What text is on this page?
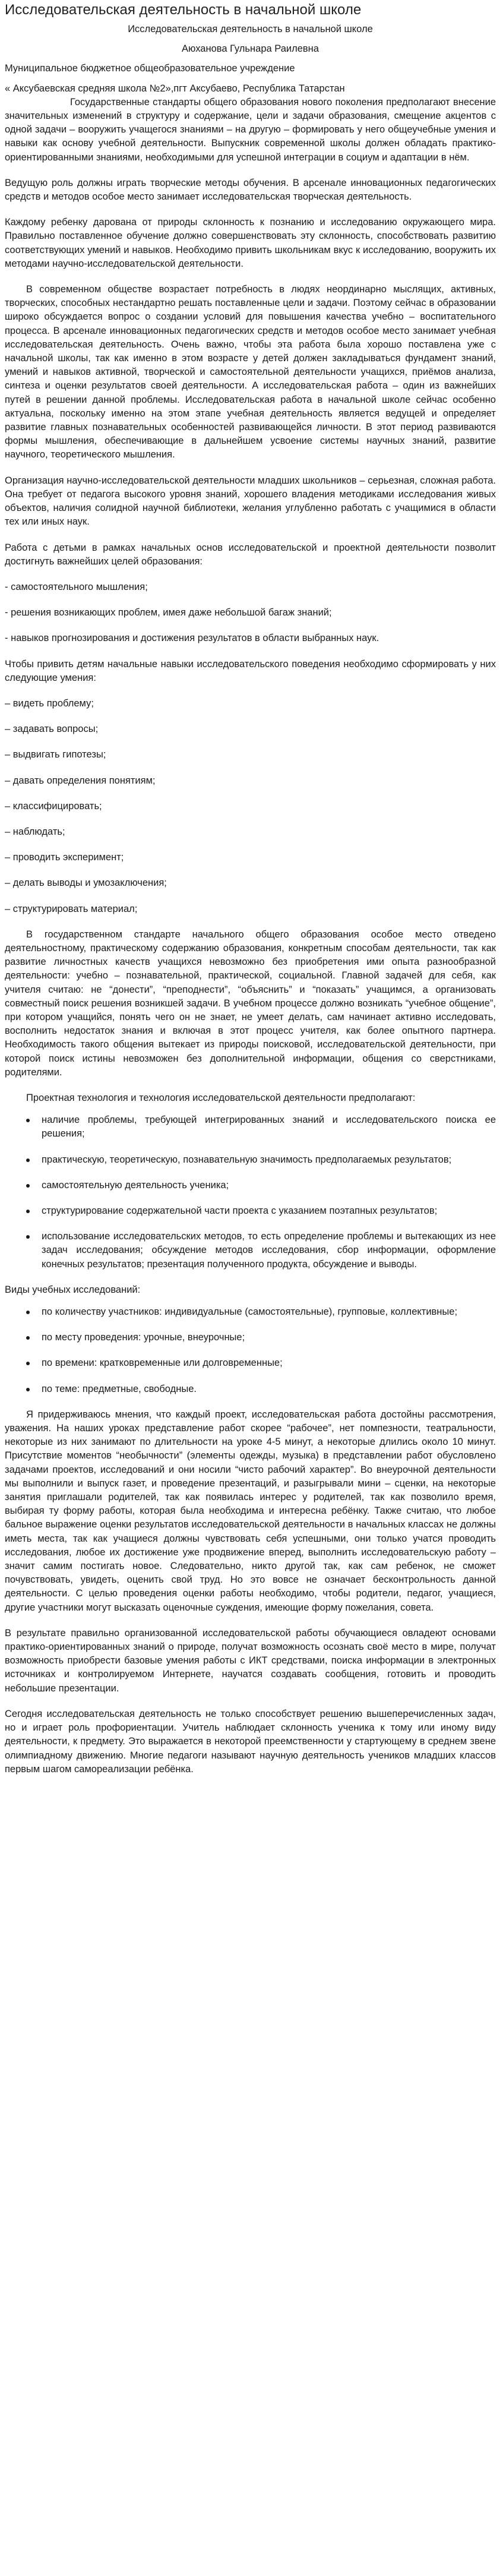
Исследовательская деятельность в начальной школе

Исследовательская деятельность в начальной школе

Аюханова Гульнара Раилевна

Муниципальное бюджетное общеобразовательное учреждение

« Аксубаевская средняя школа №2»,пгт Аксубаево, Республика Татарстан

Государственные стандарты общего образования нового поколения предполагают внесение значительных изменений в структуру и содержание, цели и задачи образования, смещение акцентов с одной задачи – вооружить учащегося знаниями – на другую – формировать у него общеучебные умения и навыки как основу учебной деятельности. Выпускник современной школы должен обладать практико-ориентированными знаниями, необходимыми для успешной интеграции в социум и адаптации в нём.

Ведущую роль должны играть творческие методы обучения. В арсенале инновационных педагогических средств и методов особое место занимает исследовательская творческая деятельность.

Каждому ребенку дарована от природы склонность к познанию и исследованию окружающего мира. Правильно поставленное обучение должно совершенствовать эту склонность, способствовать развитию соответствующих умений и навыков. Необходимо привить школьникам вкус к исследованию, вооружить их методами научно-исследовательской деятельности.

В современном обществе возрастает потребность в людях неординарно мыслящих, активных, творческих, способных нестандартно решать поставленные цели и задачи. Поэтому сейчас в образовании широко обсуждается вопрос о создании условий для повышения качества учебно – воспитательного процесса. В арсенале инновационных педагогических средств и методов особое место занимает учебная исследовательская деятельность. Очень важно, чтобы эта работа была хорошо поставлена уже с начальной школы, так как именно в этом возрасте у детей должен закладываться фундамент знаний, умений и навыков активной, творческой и самостоятельной деятельности учащихся, приёмов анализа, синтеза и оценки результатов своей деятельности. А исследовательская работа – один из важнейших путей в решении данной проблемы. Исследовательская работа в начальной школе сейчас особенно актуальна, поскольку именно на этом этапе учебная деятельность является ведущей и определяет развитие главных познавательных особенностей развивающейся личности. В этот период развиваются формы мышления, обеспечивающие в дальнейшем усвоение системы научных знаний, развитие научного, теоретического мышления.

Организация научно-исследовательской деятельности младших школьников – серьезная, сложная работа. Она требует от педагога высокого уровня знаний, хорошего владения методиками исследования живых объектов, наличия солидной научной библиотеки, желания углубленно работать с учащимися в области тех или иных наук.

Работа с детьми в рамках начальных основ исследовательской и проектной деятельности позволит достигнуть важнейших целей образования:

- самостоятельного мышления;

- решения возникающих проблем, имея даже небольшой багаж знаний;

- навыков прогнозирования и достижения результатов в области выбранных наук.

Чтобы привить детям начальные навыки исследовательского поведения необходимо сформировать у них следующие умения:

– видеть проблему;

– задавать вопросы;

– выдвигать гипотезы;

– давать определения понятиям;

– классифицировать;

– наблюдать;

– проводить эксперимент;

– делать выводы и умозаключения;

– структурировать материал;

В государственном стандарте начального общего образования особое место отведено деятельностному, практическому содержанию образования, конкретным способам деятельности, так как развитие личностных качеств учащихся невозможно без приобретения ими опыта разнообразной деятельности: учебно – познавательной, практической, социальной. Главной задачей для себя, как учителя считаю: не “донести”, “преподнести”, “объяснить” и “показать” учащимся, а организовать совместный поиск решения возникшей задачи. В учебном процессе должно возникать “учебное общение”, при котором учащийся, понять чего он не знает, не умеет делать, сам начинает активно исследовать, восполнить недостаток знания и включая в этот процесс учителя, как более опытного партнера. Необходимость такого общения вытекает из природы поисковой, исследовательской деятельности, при которой поиск истины невозможен без дополнительной информации, общения со сверстниками, родителями.

Проектная технология и технология исследовательской деятельности предполагают:

наличие проблемы, требующей интегрированных знаний и исследовательского поиска ее решения;
практическую, теоретическую, познавательную значимость предполагаемых результатов;
самостоятельную деятельность ученика;
структурирование содержательной части проекта с указанием поэтапных результатов;
использование исследовательских методов, то есть определение проблемы и вытекающих из нее задач исследования; обсуждение методов исследования, сбор информации, оформление конечных результатов; презентация полученного продукта, обсуждение и выводы.

Виды учебных исследований:

по количеству участников: индивидуальные (самостоятельные), групповые, коллективные;
по месту проведения: урочные, внеурочные;
по времени: кратковременные или долговременные;
по теме: предметные, свободные.

Я придерживаюсь мнения, что каждый проект, исследовательская работа достойны рассмотрения, уважения. На наших уроках представление работ скорее “рабочее”, нет помпезности, театральности, некоторые из них занимают по длительности на уроке 4-5 минут, а некоторые длились около 10 минут. Присутствие моментов “необычности” (элементы одежды, музыка) в представлении работ обусловлено задачами проектов, исследований и они носили “чисто рабочий характер”. Во внеурочной деятельности мы выполнили и выпуск газет, и проведение презентаций, и разыгрывали мини – сценки, на некоторые занятия приглашали родителей, так как появилась интерес у родителей, так как позволило время, выбирая ту форму работы, которая была необходима и интересна ребёнку. Также считаю, что любое бальное выражение оценки результатов исследовательской деятельности в начальных классах не должны иметь места, так как учащиеся должны чувствовать себя успешными, они только учатся проводить исследования, любое их достижение уже продвижение вперед, выполнить исследовательскую работу – значит самим постигать новое. Следовательно, никто другой так, как сам ребенок, не сможет почувствовать, увидеть, оценить свой труд. Но это вовсе не означает бесконтрольность данной деятельности. С целью проведения оценки работы необходимо, чтобы родители, педагог, учащиеся, другие участники могут высказать оценочные суждения, имеющие форму пожелания, совета.

В результате правильно организованной исследовательской работы обучающиеся овладеют основами практико-ориентированных знаний о природе, получат возможность осознать своё место в мире, получат возможность приобрести базовые умения работы с ИКТ средствами, поиска информации в электронных источниках и контролируемом Интернете, научатся создавать сообщения, готовить и проводить небольшие презентации.

Сегодня исследовательская деятельность не только способствует решению вышеперечисленных задач, но и играет роль профориентации. Учитель наблюдает склонность ученика к тому или иному виду деятельности, к предмету. Это выражается в некоторой преемственности у стартующему в среднем звене олимпиадному движению. Многие педагоги называют научную деятельность учеников младших классов первым шагом самореализации ребёнка.
